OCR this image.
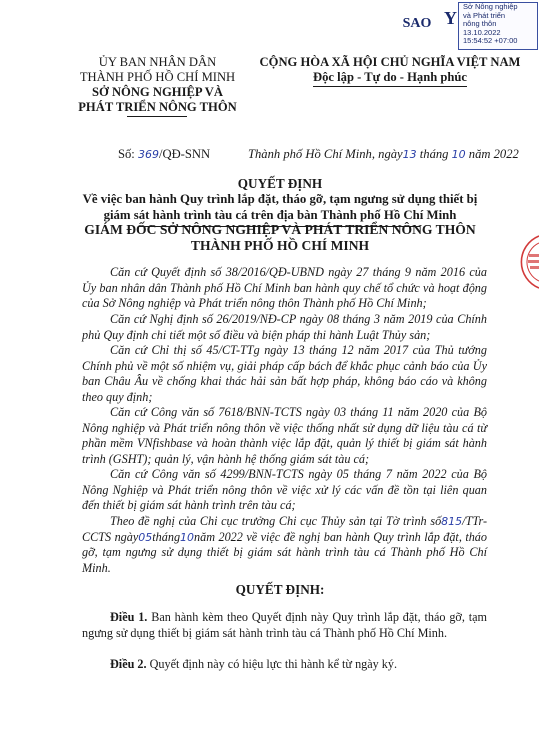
SAO Y
Sở Nông nghiệp
và Phát triển
nông thôn
13.10.2022
15:54:52 +07:00
ỦY BAN NHÂN DÂN
THÀNH PHỐ HỒ CHÍ MINH
SỞ NÔNG NGHIỆP VÀ
PHÁT TRIỂN NÔNG THÔN
CỘNG HÒA XÃ HỘI CHỦ NGHĨA VIỆT NAM
Độc lập - Tự do - Hạnh phúc
Số: 369/QĐ-SNN	Thành phố Hồ Chí Minh, ngày13 tháng 10 năm 2022
QUYẾT ĐỊNH
Về việc ban hành Quy trình lắp đặt, tháo gỡ, tạm ngưng sử dụng thiết bị
giám sát hành trình tàu cá trên địa bàn Thành phố Hồ Chí Minh
GIÁM ĐỐC SỞ NÔNG NGHIỆP VÀ PHÁT TRIỂN NÔNG THÔN
THÀNH PHỐ HỒ CHÍ MINH
Căn cứ Quyết định số 38/2016/QĐ-UBND ngày 27 tháng 9 năm 2016 của Ủy ban nhân dân Thành phố Hồ Chí Minh ban hành quy chế tổ chức và hoạt động của Sở Nông nghiệp và Phát triển nông thôn Thành phố Hồ Chí Minh;
Căn cứ Nghị định số 26/2019/NĐ-CP ngày 08 tháng 3 năm 2019 của Chính phủ Quy định chi tiết một số điều và biện pháp thi hành Luật Thủy sản;
Căn cứ Chỉ thị số 45/CT-TTg ngày 13 tháng 12 năm 2017 của Thủ tướng Chính phủ về một số nhiệm vụ, giải pháp cấp bách để khắc phục cảnh báo của Ủy ban Châu Âu về chống khai thác hải sản bất hợp pháp, không báo cáo và không theo quy định;
Căn cứ Công văn số 7618/BNN-TCTS ngày 03 tháng 11 năm 2020 của Bộ Nông nghiệp và Phát triển nông thôn về việc thống nhất sử dụng dữ liệu tàu cá từ phần mềm VNfishbase và hoàn thành việc lắp đặt, quản lý thiết bị giám sát hành trình (GSHT); quản lý, vận hành hệ thống giám sát tàu cá;
Căn cứ Công văn số 4299/BNN-TCTS ngày 05 tháng 7 năm 2022 của Bộ Nông Nghiệp và Phát triển nông thôn về việc xử lý các vấn đề tồn tại liên quan đến thiết bị giám sát hành trình trên tàu cá;
Theo đề nghị của Chi cục trưởng Chi cục Thủy sản tại Tờ trình số815/TTr-CCTS ngày05tháng10năm 2022 về việc đề nghị ban hành Quy trình lắp đặt, tháo gỡ, tạm ngưng sử dụng thiết bị giám sát hành trình tàu cá Thành phố Hồ Chí Minh.
QUYẾT ĐỊNH:
Điều 1. Ban hành kèm theo Quyết định này Quy trình lắp đặt, tháo gỡ, tạm ngưng sử dụng thiết bị giám sát hành trình tàu cá Thành phố Hồ Chí Minh.
Điều 2. Quyết định này có hiệu lực thi hành kể từ ngày ký.
